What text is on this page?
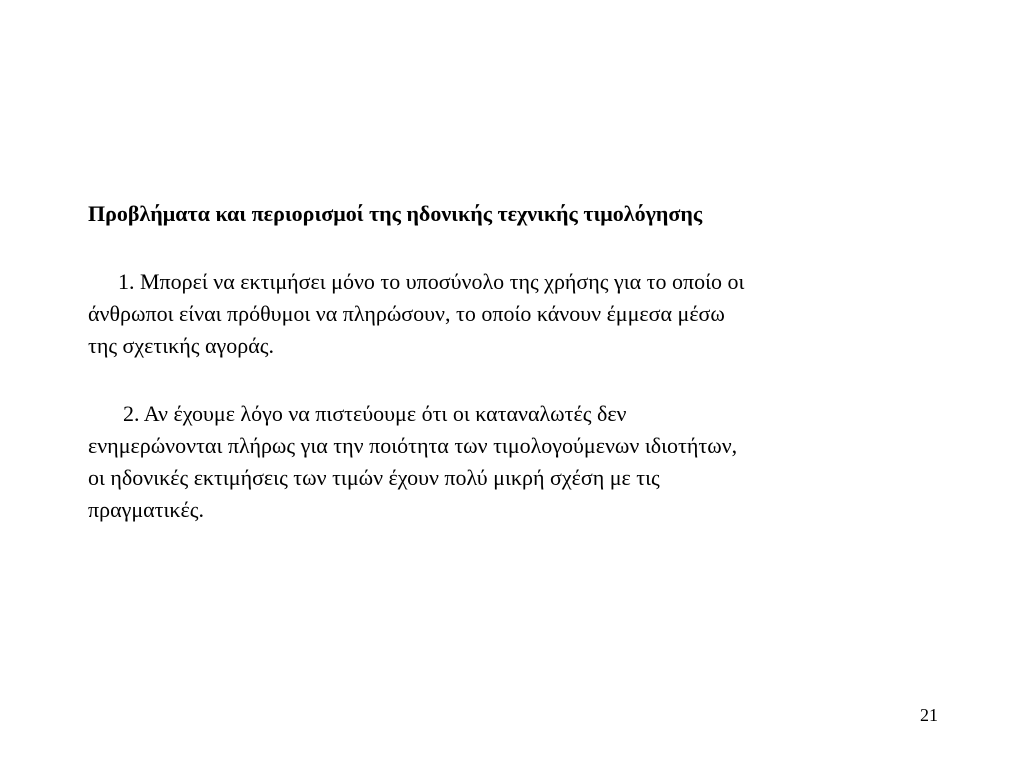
Προβλήματα και περιορισμοί της ηδονικής τεχνικής τιμολόγησης

1. Μπορεί να εκτιμήσει μόνο το υποσύνολο της χρήσης για το οποίο οι
άνθρωποι είναι πρόθυμοι να πληρώσουν, το οποίο κάνουν έμμεσα μέσω
της σχετικής αγοράς.

2. Αν έχουμε λόγο να πιστεύουμε ότι οι καταναλωτές δεν
ενημερώνονται πλήρως για την ποιότητα των τιμολογούμενων ιδιοτήτων,
οι ηδονικές εκτιμήσεις των τιμών έχουν πολύ μικρή σχέση με τις
πραγματικές.

21
